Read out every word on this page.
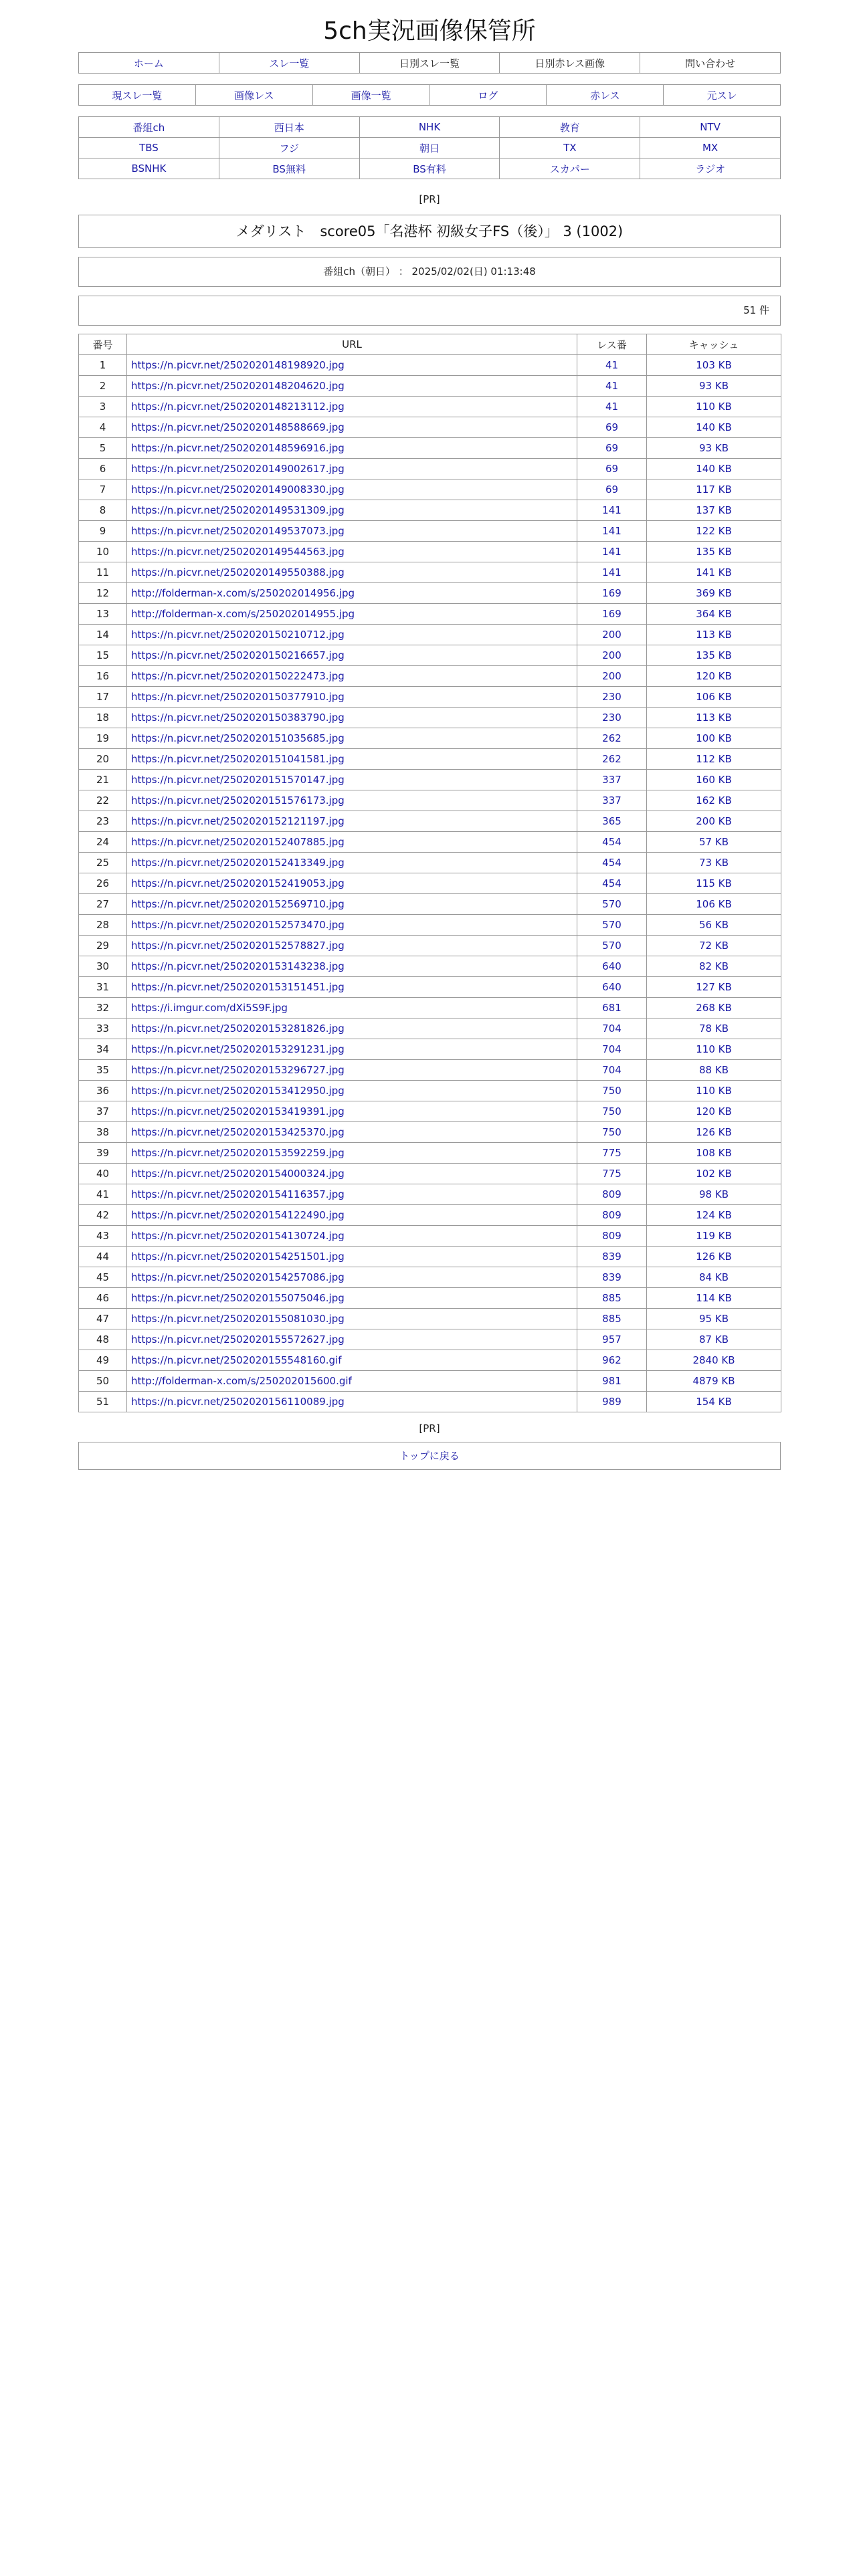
5ch実況画像保管所
ホーム	スレ一覧	日別スレ一覧	日別赤レス画像	問い合わせ
現スレ一覧	画像レス	画像一覧	ログ	赤レス	元スレ
番組ch	西日本	NHK	教育	NTV
TBS	フジ	朝日	TX	MX
BSNHK	BS無料	BS有料	スカパー	ラジオ
[PR]
メダリスト　score05「名港杯 初級女子FS（後）」 3 (1002)
番組ch（朝日） ： 2025/02/02(日) 01:13:48
51 件
番号	URL	レス番	キャッシュ
1	https://n.picvr.net/2502020148198920.jpg	41	103 KB
2	https://n.picvr.net/2502020148204620.jpg	41	93 KB
3	https://n.picvr.net/2502020148213112.jpg	41	110 KB
4	https://n.picvr.net/2502020148588669.jpg	69	140 KB
5	https://n.picvr.net/2502020148596916.jpg	69	93 KB
6	https://n.picvr.net/2502020149002617.jpg	69	140 KB
7	https://n.picvr.net/2502020149008330.jpg	69	117 KB
8	https://n.picvr.net/2502020149531309.jpg	141	137 KB
9	https://n.picvr.net/2502020149537073.jpg	141	122 KB
10	https://n.picvr.net/2502020149544563.jpg	141	135 KB
11	https://n.picvr.net/2502020149550388.jpg	141	141 KB
12	http://folderman-x.com/s/250202014956.jpg	169	369 KB
13	http://folderman-x.com/s/250202014955.jpg	169	364 KB
14	https://n.picvr.net/2502020150210712.jpg	200	113 KB
15	https://n.picvr.net/2502020150216657.jpg	200	135 KB
16	https://n.picvr.net/2502020150222473.jpg	200	120 KB
17	https://n.picvr.net/2502020150377910.jpg	230	106 KB
18	https://n.picvr.net/2502020150383790.jpg	230	113 KB
19	https://n.picvr.net/2502020151035685.jpg	262	100 KB
20	https://n.picvr.net/2502020151041581.jpg	262	112 KB
21	https://n.picvr.net/2502020151570147.jpg	337	160 KB
22	https://n.picvr.net/2502020151576173.jpg	337	162 KB
23	https://n.picvr.net/2502020152121197.jpg	365	200 KB
24	https://n.picvr.net/2502020152407885.jpg	454	57 KB
25	https://n.picvr.net/2502020152413349.jpg	454	73 KB
26	https://n.picvr.net/2502020152419053.jpg	454	115 KB
27	https://n.picvr.net/2502020152569710.jpg	570	106 KB
28	https://n.picvr.net/2502020152573470.jpg	570	56 KB
29	https://n.picvr.net/2502020152578827.jpg	570	72 KB
30	https://n.picvr.net/2502020153143238.jpg	640	82 KB
31	https://n.picvr.net/2502020153151451.jpg	640	127 KB
32	https://i.imgur.com/dXi5S9F.jpg	681	268 KB
33	https://n.picvr.net/2502020153281826.jpg	704	78 KB
34	https://n.picvr.net/2502020153291231.jpg	704	110 KB
35	https://n.picvr.net/2502020153296727.jpg	704	88 KB
36	https://n.picvr.net/2502020153412950.jpg	750	110 KB
37	https://n.picvr.net/2502020153419391.jpg	750	120 KB
38	https://n.picvr.net/2502020153425370.jpg	750	126 KB
39	https://n.picvr.net/2502020153592259.jpg	775	108 KB
40	https://n.picvr.net/2502020154000324.jpg	775	102 KB
41	https://n.picvr.net/2502020154116357.jpg	809	98 KB
42	https://n.picvr.net/2502020154122490.jpg	809	124 KB
43	https://n.picvr.net/2502020154130724.jpg	809	119 KB
44	https://n.picvr.net/2502020154251501.jpg	839	126 KB
45	https://n.picvr.net/2502020154257086.jpg	839	84 KB
46	https://n.picvr.net/2502020155075046.jpg	885	114 KB
47	https://n.picvr.net/2502020155081030.jpg	885	95 KB
48	https://n.picvr.net/2502020155572627.jpg	957	87 KB
49	https://n.picvr.net/2502020155548160.gif	962	2840 KB
50	http://folderman-x.com/s/250202015600.gif	981	4879 KB
51	https://n.picvr.net/2502020156110089.jpg	989	154 KB
[PR]
トップに戻る
